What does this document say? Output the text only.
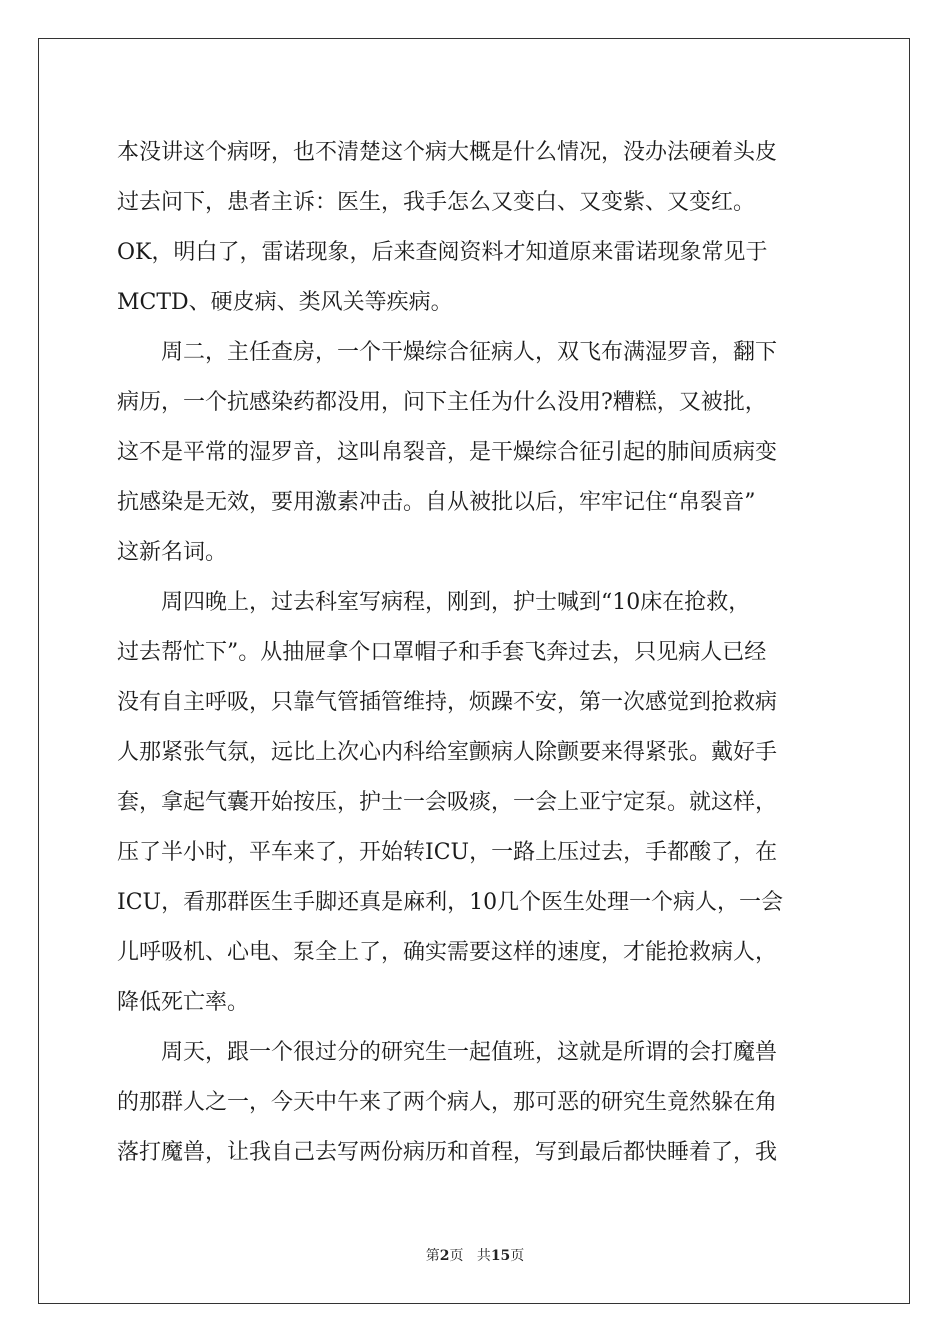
本没讲这个病呀，也不清楚这个病大概是什么情况，没办法硬着头皮
过去问下，患者主诉：医生，我手怎么又变白、又变紫、又变红。
OK，明白了，雷诺现象，后来查阅资料才知道原来雷诺现象常见于
MCTD、硬皮病、类风关等疾病。
　　周二，主任查房，一个干燥综合征病人，双飞布满湿罗音，翻下
病历，一个抗感染药都没用，问下主任为什么没用?糟糕，又被批，
这不是平常的湿罗音，这叫帛裂音，是干燥综合征引起的肺间质病变
抗感染是无效，要用激素冲击。自从被批以后，牢牢记住“帛裂音”
这新名词。
　　周四晚上，过去科室写病程，刚到，护士喊到“10床在抢救，
过去帮忙下”。从抽屉拿个口罩帽子和手套飞奔过去，只见病人已经
没有自主呼吸，只靠气管插管维持，烦躁不安，第一次感觉到抢救病
人那紧张气氛，远比上次心内科给室颤病人除颤要来得紧张。戴好手
套，拿起气囊开始按压，护士一会吸痰，一会上亚宁定泵。就这样，
压了半小时，平车来了，开始转ICU，一路上压过去，手都酸了，在
ICU，看那群医生手脚还真是麻利，10几个医生处理一个病人，一会
儿呼吸机、心电、泵全上了，确实需要这样的速度，才能抢救病人，
降低死亡率。
　　周天，跟一个很过分的研究生一起值班，这就是所谓的会打魔兽
的那群人之一，今天中午来了两个病人，那可恶的研究生竟然躲在角
落打魔兽，让我自己去写两份病历和首程，写到最后都快睡着了，我
第2页 共15页
